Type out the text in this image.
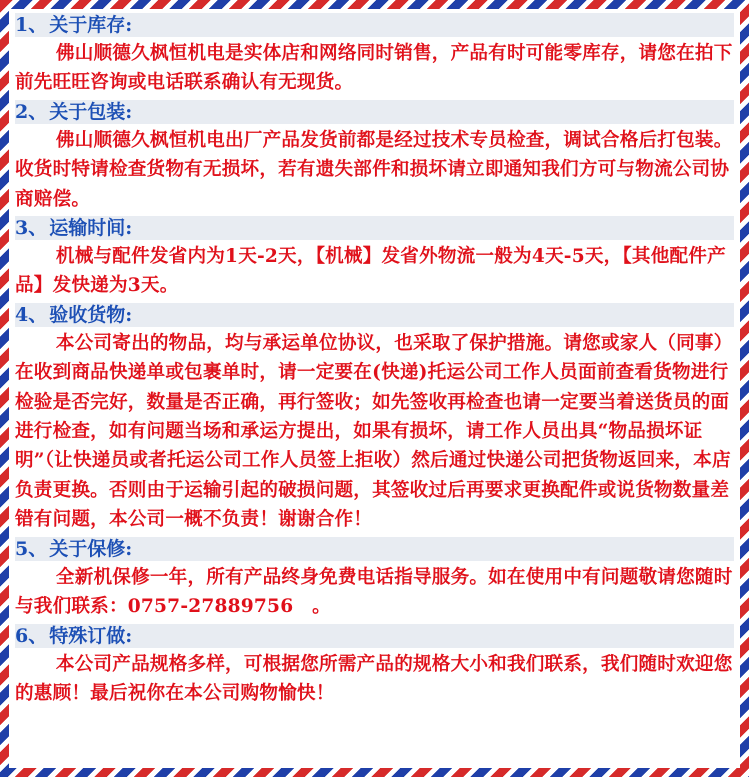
1、 关于库存:

佛山顺德久枫恒机电是实体店和网络同时销售，产品有时可能零库存，请您在拍下前先旺旺咨询或电话联系确认有无现货。

2、 关于包装:

佛山顺德久枫恒机电出厂产品发货前都是经过技术专员检查，调试合格后打包装。收货时特请检查货物有无损坏，若有遗失部件和损坏请立即通知我们方可与物流公司协商赔偿。

3、 运输时间:

机械与配件发省内为1天-2天，【机械】发省外物流一般为4天-5天，【其他配件产品】发快递为3天。

4、 验收货物:

本公司寄出的物品，均与承运单位协议，也采取了保护措施。请您或家人（同事）在收到商品快递单或包裹单时，请一定要在(快递)托运公司工作人员面前查看货物进行检验是否完好，数量是否正确，再行签收；如先签收再检查也请一定要当着送货员的面进行检查，如有问题当场和承运方提出，如果有损坏，请工作人员出具“物品损坏证明”（让快递员或者托运公司工作人员签上拒收）然后通过快递公司把货物返回来，本店负责更换。否则由于运输引起的破损问题，其签收过后再要求更换配件或说货物数量差错有问题，本公司一概不负责！谢谢合作！

5、 关于保修:

全新机保修一年，所有产品终身免费电话指导服务。如在使用中有问题敬请您随时与我们联系：0757-27889756　。

6、 特殊订做:

本公司产品规格多样，可根据您所需产品的规格大小和我们联系，我们随时欢迎您的惠顾！最后祝你在本公司购物愉快！
